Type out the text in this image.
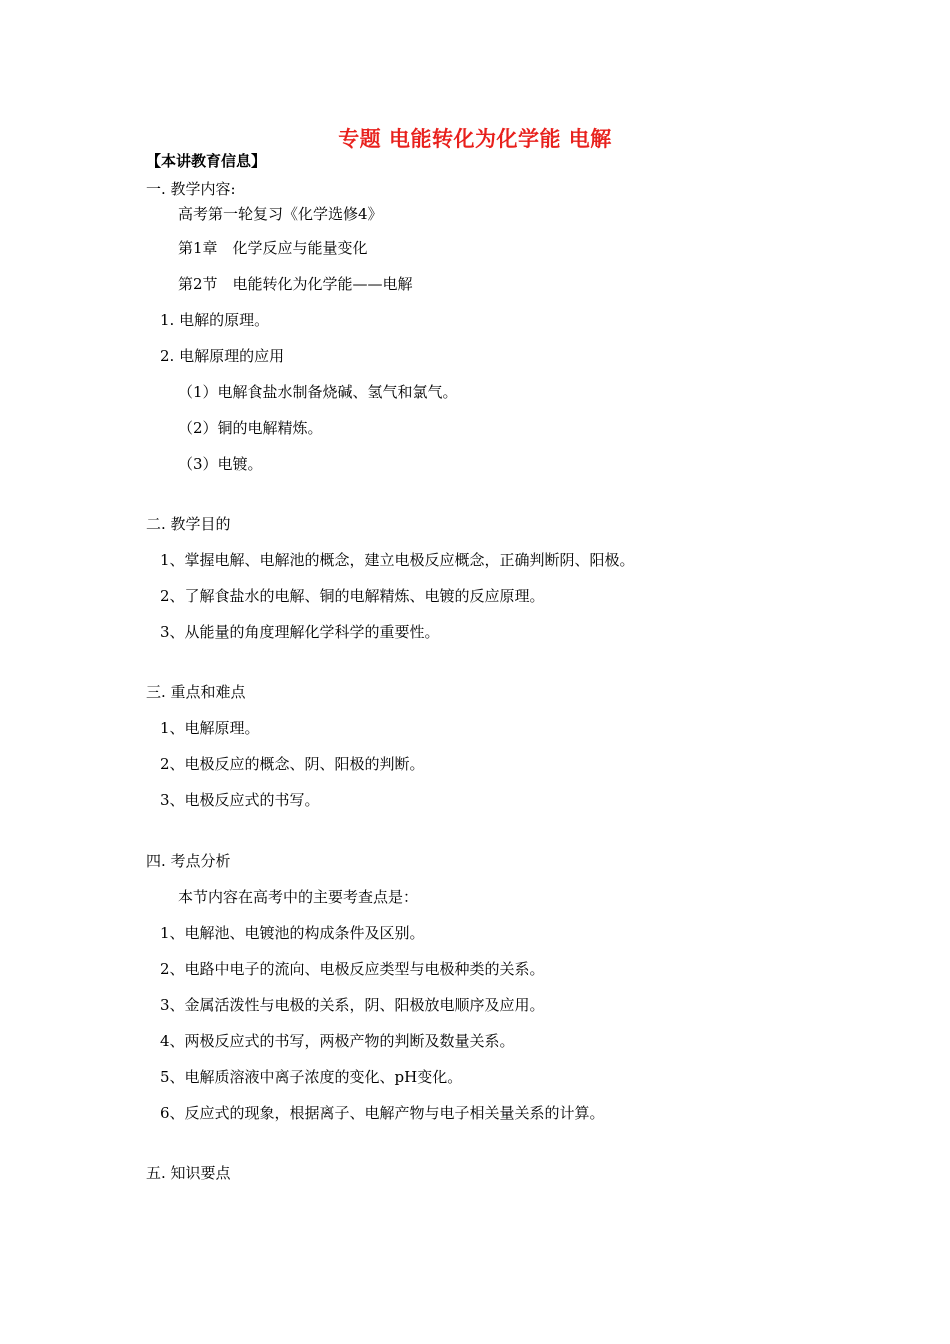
专题 电能转化为化学能 电解
【本讲教育信息】
一. 教学内容:
高考第一轮复习《化学选修4》
第1章　化学反应与能量变化
第2节　电能转化为化学能——电解
1. 电解的原理。
2. 电解原理的应用
（1）电解食盐水制备烧碱、氢气和氯气。
（2）铜的电解精炼。
（3）电镀。
二. 教学目的
1、掌握电解、电解池的概念，建立电极反应概念，正确判断阴、阳极。
2、了解食盐水的电解、铜的电解精炼、电镀的反应原理。
3、从能量的角度理解化学科学的重要性。
三. 重点和难点
1、电解原理。
2、电极反应的概念、阴、阳极的判断。
3、电极反应式的书写。
四. 考点分析
本节内容在高考中的主要考查点是：
1、电解池、电镀池的构成条件及区别。
2、电路中电子的流向、电极反应类型与电极种类的关系。
3、金属活泼性与电极的关系，阴、阳极放电顺序及应用。
4、两极反应式的书写，两极产物的判断及数量关系。
5、电解质溶液中离子浓度的变化、pH变化。
6、反应式的现象，根据离子、电解产物与电子相关量关系的计算。
五. 知识要点
